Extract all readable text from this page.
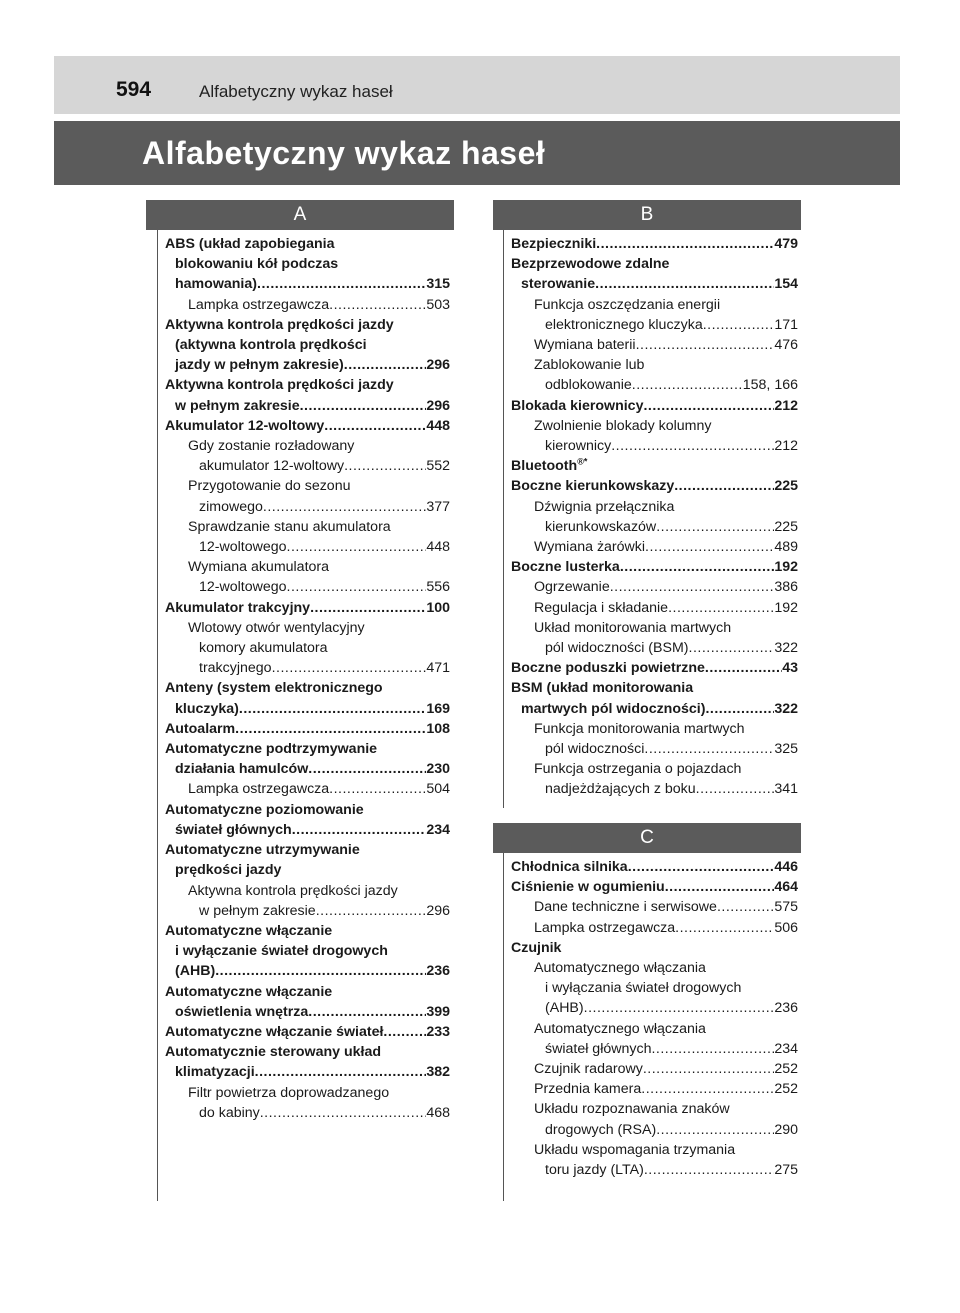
594	Alfabetyczny wykaz haseł
Alfabetyczny wykaz haseł
A
ABS (układ zapobiegania
blokowaniu kół podczas
hamowania) .....	315
Lampka ostrzegawcza .....	503
Aktywna kontrola prędkości jazdy
(aktywna kontrola prędkości
jazdy w pełnym zakresie) .....	296
Aktywna kontrola prędkości jazdy
w pełnym zakresie .....	296
Akumulator 12-woltowy .....	448
Gdy zostanie rozładowany
akumulator 12-woltowy .....	552
Przygotowanie do sezonu
zimowego .....	377
Sprawdzanie stanu akumulatora
12-woltowego .....	448
Wymiana akumulatora
12-woltowego .....	556
Akumulator trakcyjny .....	100
Wlotowy otwór wentylacyjny
komory akumulatora
trakcyjnego .....	471
Anteny (system elektronicznego
kluczyka) .....	169
Autoalarm .....	108
Automatyczne podtrzymywanie
działania hamulców .....	230
Lampka ostrzegawcza .....	504
Automatyczne poziomowanie
świateł głównych .....	234
Automatyczne utrzymywanie
prędkości jazdy
Aktywna kontrola prędkości jazdy
w pełnym zakresie .....	296
Automatyczne włączanie
i wyłączanie świateł drogowych
(AHB) .....	236
Automatyczne włączanie
oświetlenia wnętrza .....	399
Automatyczne włączanie świateł .....	233
Automatycznie sterowany układ
klimatyzacji .....	382
Filtr powietrza doprowadzanego
do kabiny .....	468
B
Bezpieczniki .....	479
Bezprzewodowe zdalne
sterowanie .....	154
Funkcja oszczędzania energii
elektronicznego kluczyka .....	171
Wymiana baterii .....	476
Zablokowanie lub
odblokowanie .....	158, 166
Blokada kierownicy .....	212
Zwolnienie blokady kolumny
kierownicy .....	212
Bluetooth®*
Boczne kierunkowskazy .....	225
Dźwignia przełącznika
kierunkowskazów .....	225
Wymiana żarówki .....	489
Boczne lusterka .....	192
Ogrzewanie .....	386
Regulacja i składanie .....	192
Układ monitorowania martwych
pól widoczności (BSM) .....	322
Boczne poduszki powietrzne .....	43
BSM (układ monitorowania
martwych pól widoczności) .....	322
Funkcja monitorowania martwych
pól widoczności .....	325
Funkcja ostrzegania o pojazdach
nadjeżdżających z boku .....	341
C
Chłodnica silnika .....	446
Ciśnienie w ogumieniu .....	464
Dane techniczne i serwisowe .....	575
Lampka ostrzegawcza .....	506
Czujnik
Automatycznego włączania
i wyłączania świateł drogowych
(AHB) .....	236
Automatycznego włączania
świateł głównych .....	234
Czujnik radarowy .....	252
Przednia kamera .....	252
Układu rozpoznawania znaków
drogowych (RSA) .....	290
Układu wspomagania trzymania
toru jazdy (LTA) .....	275
